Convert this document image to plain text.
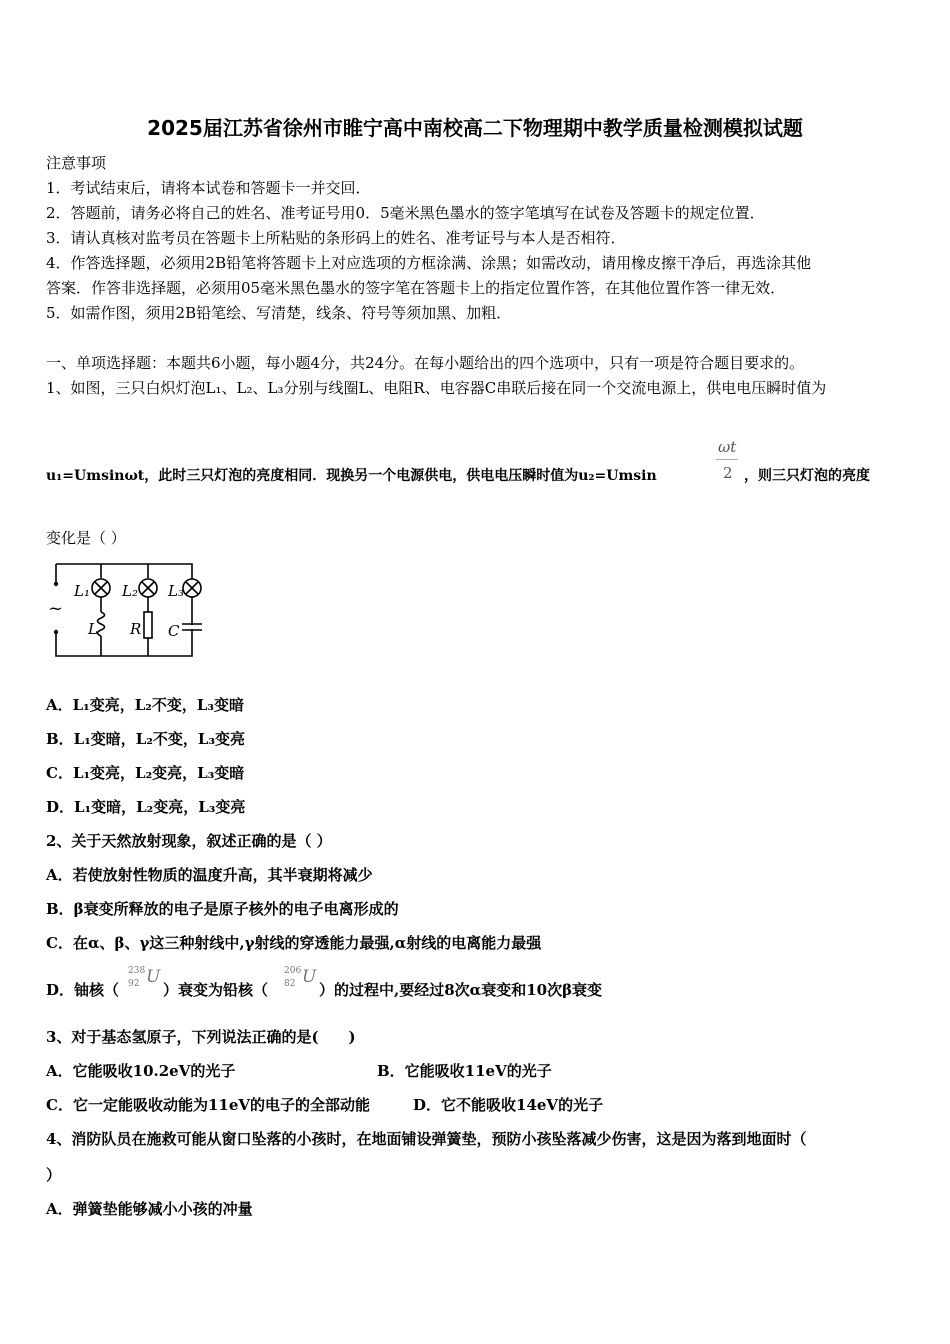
2025届江苏省徐州市睢宁高中南校高二下物理期中教学质量检测模拟试题
注意事项
1．考试结束后，请将本试卷和答题卡一并交回．
2．答题前，请务必将自己的姓名、准考证号用0．5毫米黑色墨水的签字笔填写在试卷及答题卡的规定位置．
3．请认真核对监考员在答题卡上所粘贴的条形码上的姓名、准考证号与本人是否相符．
4．作答选择题，必须用2B铅笔将答题卡上对应选项的方框涂满、涂黑；如需改动，请用橡皮擦干净后，再选涂其他
答案．作答非选择题，必须用05毫米黑色墨水的签字笔在答题卡上的指定位置作答，在其他位置作答一律无效．
5．如需作图，须用2B铅笔绘、写清楚，线条、符号等须加黑、加粗．
一、单项选择题：本题共6小题，每小题4分，共24分。在每小题给出的四个选项中，只有一项是符合题目要求的。
1、如图，三只白炽灯泡L₁、L₂、L₃分别与线圈L、电阻R、电容器C串联后接在同一个交流电源上，供电电压瞬时值为
u₁=Umsinωt，此时三只灯泡的亮度相同．现换另一个电源供电，供电电压瞬时值为u₂=Umsin
ωt
2 ，则三只灯泡的亮度
变化是（ ）
L₁ L₂ L₃
L R C
~
A．L₁变亮，L₂不变，L₃变暗
B．L₁变暗，L₂不变，L₃变亮
C．L₁变亮，L₂变亮，L₃变暗
D．L₁变暗，L₂变亮，L₃变亮
2、关于天然放射现象，叙述正确的是（ ）
A．若使放射性物质的温度升高，其半衰期将减少
B．β衰变所释放的电子是原子核外的电子电离形成的
C．在α、β、γ这三种射线中,γ射线的穿透能力最强,α射线的电离能力最强
D．铀核（
238
92 U
）衰变为铅核（
206
82 U
）的过程中,要经过8次α衰变和10次β衰变
3、对于基态氢原子，下列说法正确的是(　　)
A．它能吸收10.2eV的光子	B．它能吸收11eV的光子
C．它一定能吸收动能为11eV的电子的全部动能	D．它不能吸收14eV的光子
4、消防队员在施救可能从窗口坠落的小孩时，在地面铺设弹簧垫，预防小孩坠落减少伤害，这是因为落到地面时（
）
A．弹簧垫能够减小小孩的冲量
